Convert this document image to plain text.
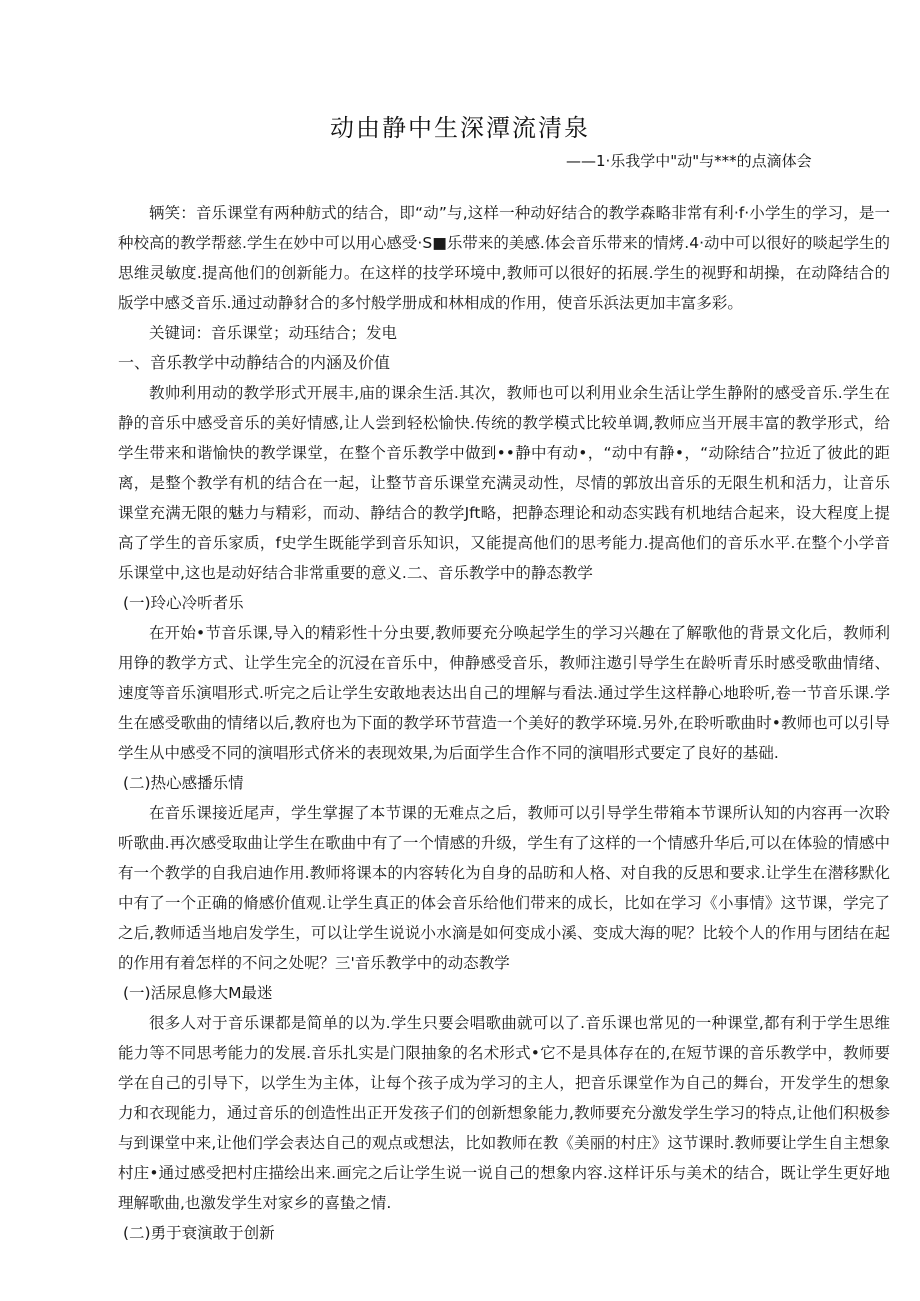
动由静中生深潭流清泉
——1·乐我学中"动"与***的点滴体会

辆笑：音乐课堂有两种舫式的结合，即“动”与,这样一种动好结合的教学森略非常有利·f·小学生的学习，是一种校高的教学帮慈.学生在妙中可以用心感受·S■乐带来的美感.体会音乐带来的情烤.4·动中可以很好的啖起学生的思维灵敏度.提高他们的创新能力。在这样的技学环境中,教师可以很好的拓展.学生的视野和胡操，在动降结合的版学中感爻音乐.通过动静豺合的多忖般学册成和林相成的作用，使音乐浜法更加丰富多彩。

关键词：音乐课堂；动珏结合；发电

一、音乐教学中动静结合的内涵及价值

教帅利用动的教学形式开展丰,庙的课余生活.其次，教师也可以利用业余生活让学生静附的感受音乐.学生在静的音乐中感受音乐的美好情感,让人尝到轻松愉快.传统的教学模式比较单调,教师应当开展丰富的教学形式，给学生带来和谐愉快的教学课堂，在整个音乐教学中做到••静中有动•，“动中有静•，“动除结合”拉近了彼此的距离，是整个教学有机的结合在一起，让整节音乐课堂充满灵动性，尽情的郭放出音乐的无限生机和活力，让音乐课堂充满无限的魅力与精彩，而动、静结合的教学Jft略，把静态理论和动态实践有机地结合起来，设大程度上提高了学生的音乐家质，f史学生既能学到音乐知识，又能提高他们的思考能力.提高他们的音乐水平.在整个小学音乐课堂中,这也是动好结合非常重要的意义.二、音乐教学中的静态教学

(一)玲心冷听者乐

在开始•节音乐课,导入的精彩性十分虫要,教师要充分唤起学生的学习兴趣在了解歌他的背景文化后，教师利用铮的教学方式、让学生完全的沉浸在音乐中，伸静感受音乐，教师注遨引导学生在龄听青乐时感受歌曲情绪、速度等音乐演唱形式.听完之后让学生安敢地表达出自己的埋解与看法.通过学生这样静心地聆听,卷一节音乐课.学生在感受歌曲的情绪以后,教府也为下面的教学环节营造一个美好的教学环境.另外,在聆听歌曲时•教师也可以引导学生从中感受不同的演唱形式侪米的表现效果,为后面学生合作不同的演唱形式要定了良好的基础.

(二)热心感播乐情

在音乐课接近尾声，学生掌握了本节课的无难点之后，教师可以引导学生带箱本节课所认知的内容再一次聆听歌曲.再次感受取曲让学生在歌曲中有了一个情感的升级，学生有了这样的一个情感升华后,可以在体验的情感中有一个教学的自我启迪作用.教师将课本的内容转化为自身的品昉和人格、对自我的反思和要求.让学生在潜移默化中有了一个正确的脩感价值观.让学生真正的体会音乐给他们带来的成长，比如在学习《小事情》这节课，学完了之后,教师适当地启发学生，可以让学生说说小水滴是如何变成小溪、变成大海的呢？比较个人的作用与团结在起的作用有着怎样的不问之处呢？三'音乐教学中的动态教学

(一)活尿息修大M最迷

很多人对于音乐课都是简单的以为.学生只要会唱歌曲就可以了.音乐课也常见的一种课堂,都有利于学生思维能力等不同思考能力的发展.音乐扎实是门限抽象的名术形式•它不是具体存在的,在短节课的音乐教学中，教师要学在自己的引导下，以学生为主体，让每个孩子成为学习的主人，把音乐课堂作为自己的舞台，开发学生的想象力和衣现能力，通过音乐的创造性出正开发孩子们的创新想象能力,教师要充分激发学生学习的特点,让他们积极参与到课堂中来,让他们学会表达自己的观点或想法，比如教师在教《美丽的村庄》这节课时.教师要让学生自主想象村庄•通过感受把村庄描绘出来.画完之后让学生说一说自己的想象内容.这样讦乐与美术的结合，既让学生更好地理解歌曲,也激发学生对家乡的喜蛰之情.

(二)勇于衰演敢于创新
